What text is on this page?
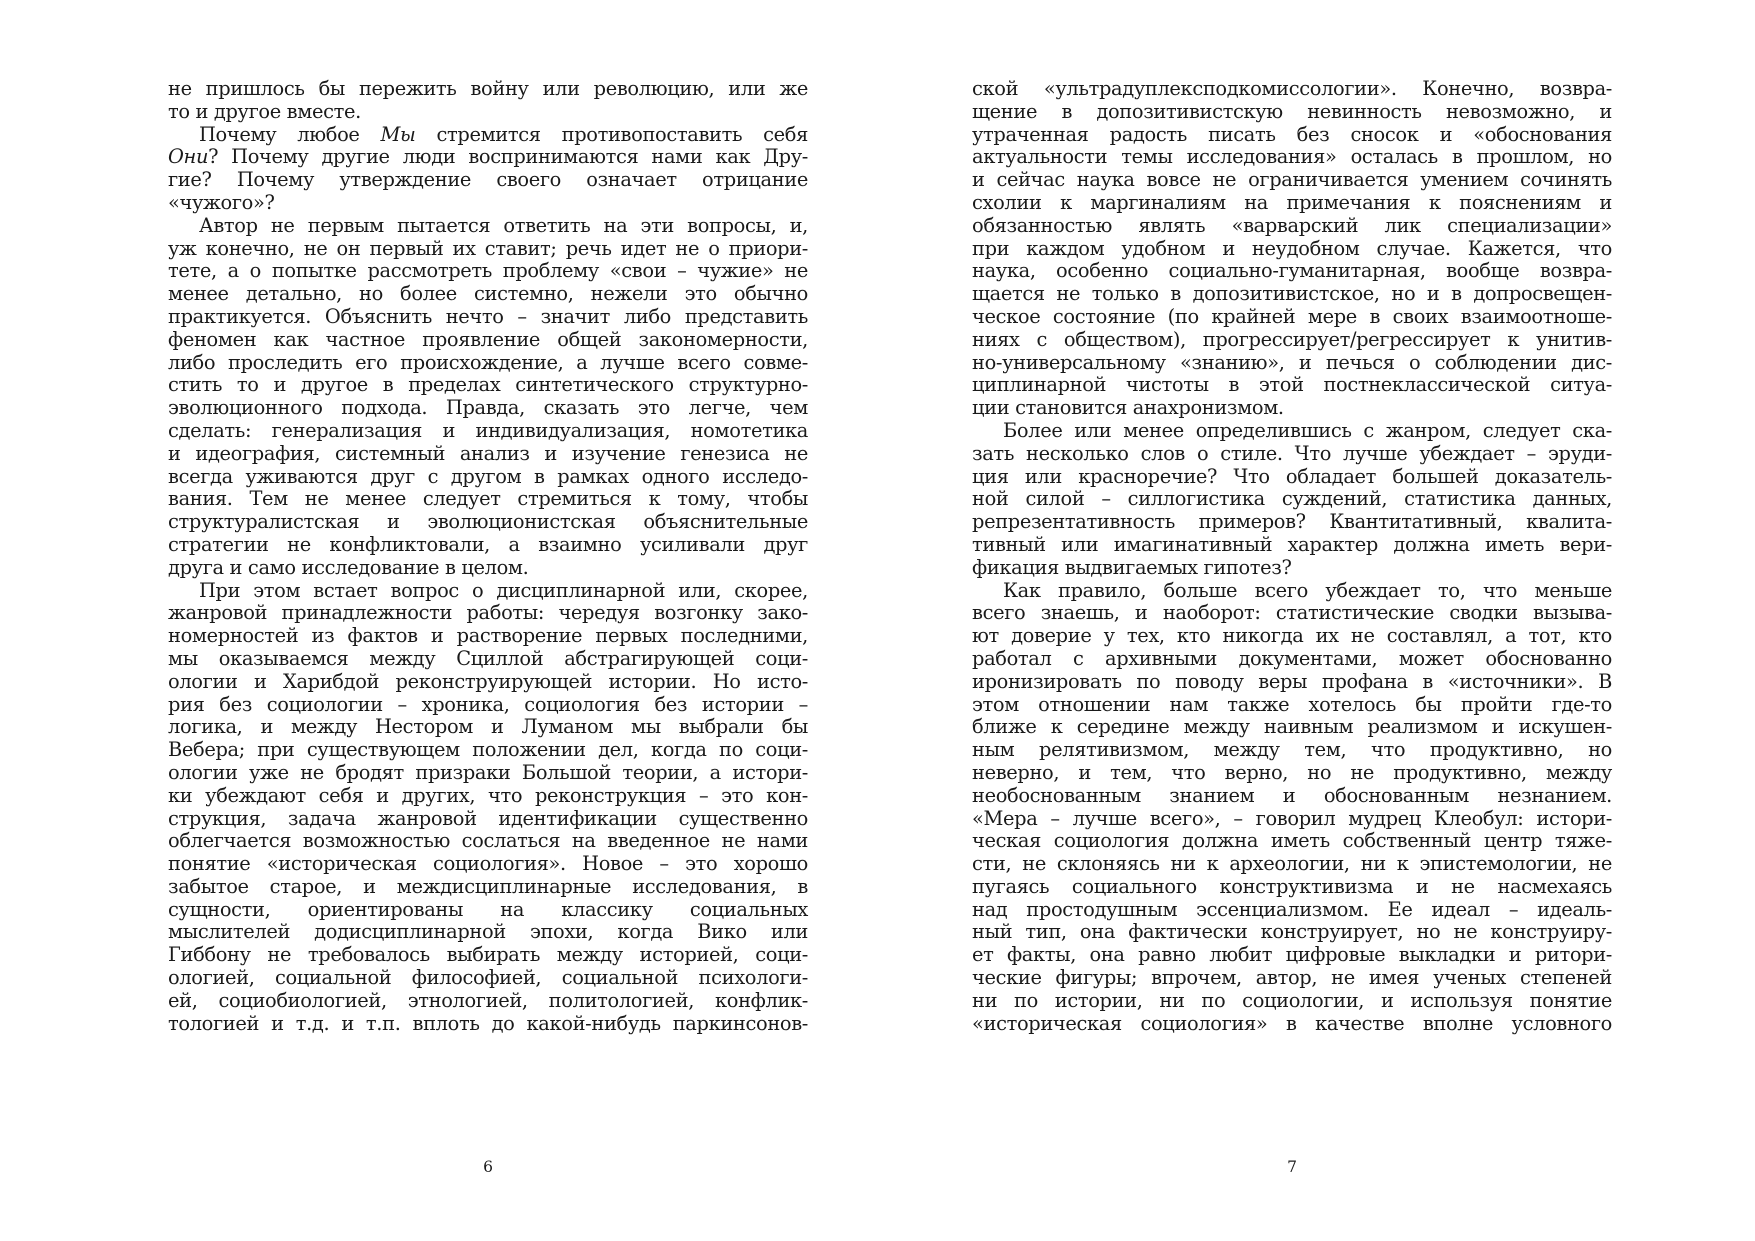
не пришлось бы пережить войну или революцию, или же
то и другое вместе.
Почему любое Мы стремится противопоставить себя
Они? Почему другие люди воспринимаются нами как Дру-
гие? Почему утверждение своего означает отрицание
«чужого»?
Автор не первым пытается ответить на эти вопросы, и,
уж конечно, не он первый их ставит; речь идет не о приори-
тете, а о попытке рассмотреть проблему «свои – чужие» не
менее детально, но более системно, нежели это обычно
практикуется. Объяснить нечто – значит либо представить
феномен как частное проявление общей закономерности,
либо проследить его происхождение, а лучше всего совме-
стить то и другое в пределах синтетического структурно-
эволюционного подхода. Правда, сказать это легче, чем
сделать: генерализация и индивидуализация, номотетика
и идеография, системный анализ и изучение генезиса не
всегда уживаются друг с другом в рамках одного исследо-
вания. Тем не менее следует стремиться к тому, чтобы
структуралистская и эволюционистская объяснительные
стратегии не конфликтовали, а взаимно усиливали друг
друга и само исследование в целом.
При этом встает вопрос о дисциплинарной или, скорее,
жанровой принадлежности работы: чередуя возгонку зако-
номерностей из фактов и растворение первых последними,
мы оказываемся между Сциллой абстрагирующей соци-
ологии и Харибдой реконструирующей истории. Но исто-
рия без социологии – хроника, социология без истории –
логика, и между Нестором и Луманом мы выбрали бы
Вебера; при существующем положении дел, когда по соци-
ологии уже не бродят призраки Большой теории, а истори-
ки убеждают себя и других, что реконструкция – это кон-
струкция, задача жанровой идентификации существенно
облегчается возможностью сослаться на введенное не нами
понятие «историческая социология». Новое – это хорошо
забытое старое, и междисциплинарные исследования, в
сущности, ориентированы на классику социальных
мыслителей додисциплинарной эпохи, когда Вико или
Гиббону не требовалось выбирать между историей, соци-
ологией, социальной философией, социальной психологи-
ей, социобиологией, этнологией, политологией, конфлик-
тологией и т.д. и т.п. вплоть до какой-нибудь паркинсонов-
6
ской «ультрадуплексподкомиссологии». Конечно, возвра-
щение в допозитивистскую невинность невозможно, и
утраченная радость писать без сносок и «обоснования
актуальности темы исследования» осталась в прошлом, но
и сейчас наука вовсе не ограничивается умением сочинять
схолии к маргиналиям на примечания к пояснениям и
обязанностью являть «варварский лик специализации»
при каждом удобном и неудобном случае. Кажется, что
наука, особенно социально-гуманитарная, вообще возвра-
щается не только в допозитивистское, но и в допросвещен-
ческое состояние (по крайней мере в своих взаимоотноше-
ниях с обществом), прогрессирует/регрессирует к унитив-
но-универсальному «знанию», и печься о соблюдении дис-
циплинарной чистоты в этой постнеклассической ситуа-
ции становится анахронизмом.
Более или менее определившись с жанром, следует ска-
зать несколько слов о стиле. Что лучше убеждает – эруди-
ция или красноречие? Что обладает большей доказатель-
ной силой – силлогистика суждений, статистика данных,
репрезентативность примеров? Квантитативный, квалита-
тивный или имагинативный характер должна иметь вери-
фикация выдвигаемых гипотез?
Как правило, больше всего убеждает то, что меньше
всего знаешь, и наоборот: статистические сводки вызыва-
ют доверие у тех, кто никогда их не составлял, а тот, кто
работал с архивными документами, может обоснованно
иронизировать по поводу веры профана в «источники». В
этом отношении нам также хотелось бы пройти где-то
ближе к середине между наивным реализмом и искушен-
ным релятивизмом, между тем, что продуктивно, но
неверно, и тем, что верно, но не продуктивно, между
необоснованным знанием и обоснованным незнанием.
«Мера – лучше всего», – говорил мудрец Клеобул: истори-
ческая социология должна иметь собственный центр тяже-
сти, не склоняясь ни к археологии, ни к эпистемологии, не
пугаясь социального конструктивизма и не насмехаясь
над простодушным эссенциализмом. Ее идеал – идеаль-
ный тип, она фактически конструирует, но не конструиру-
ет факты, она равно любит цифровые выкладки и ритори-
ческие фигуры; впрочем, автор, не имея ученых степеней
ни по истории, ни по социологии, и используя понятие
«историческая социология» в качестве вполне условного
7
